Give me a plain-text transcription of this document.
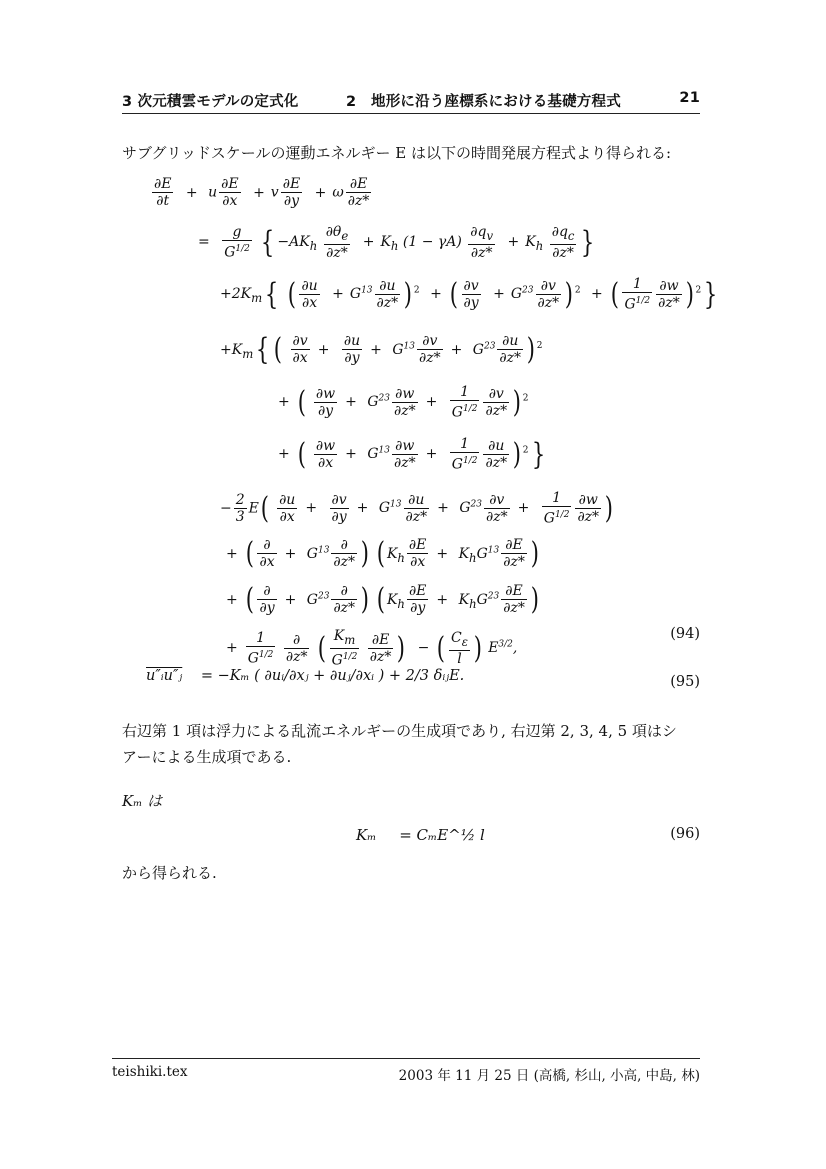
3 次元積雲モデルの定式化	2　地形に沿う座標系における基礎方程式	21
サブグリッドスケールの運動エネルギー E は以下の時間発展方程式より得られる:
$\frac{\partial E}{\partial t} + u \frac{\partial E}{\partial x} + v \frac{\partial E}{\partial y} + \omega \frac{\partial E}{\partial z*}$
= $\frac{g}{G^{1/2}}$ { $-AK_h \frac{\partial\theta_e}{\partial z*} + K_h$ $(1 - \gamma A) \frac{\partial q_v}{\partial z*} + K_h \frac{\partial q_c}{\partial z*}$ }
$+2K_m${ ( $\frac{\partial u}{\partial x} + G^{13} \frac{\partial u}{\partial z*}$ ) $^2$ + ( $\frac{\partial v}{\partial y} + G^{23} \frac{\partial v}{\partial z*}$ ) $^2$ + ( $\frac{1}{G^{1/2}} \frac{\partial w}{\partial z*}$ ) $^2$}
$+K_m${ ( $\frac{\partial v}{\partial x} + \frac{\partial u}{\partial y} + G^{13} \frac{\partial v}{\partial z*} + G^{23} \frac{\partial u}{\partial z*}$ ) $^2$
+ ( $\frac{\partial w}{\partial y} + G^{23} \frac{\partial w}{\partial z*} + \frac{1}{G^{1/2}} \frac{\partial v}{\partial z*}$ ) $^2$
+ ( $\frac{\partial w}{\partial x} + G^{13} \frac{\partial w}{\partial z*} + \frac{1}{G^{1/2}} \frac{\partial u}{\partial z*}$ ) $^2$}
− $\frac{2}{3} E( \frac{\partial u}{\partial x} + \frac{\partial v}{\partial y} + G^{13} \frac{\partial u}{\partial z*} + G^{23} \frac{\partial v}{\partial z*} + \frac{1}{G^{1/2}} \frac{\partial w}{\partial z*}$ )
+ ( $\frac{\partial}{\partial x} + G^{13} \frac{\partial}{\partial z*}$ ) ( $K_h \frac{\partial E}{\partial x} + K_hG^{13} \frac{\partial E}{\partial z*}$ )
+ ( $\frac{\partial}{\partial y} + G^{23} \frac{\partial}{\partial z*}$ ) ( $K_h \frac{\partial E}{\partial y} + K_hG^{23} \frac{\partial E}{\partial z*}$ )
+ $\frac{1}{G^{1/2}}$
$\frac{\partial}{\partial z*}$ ( $\frac{K_m}{G^{1/2}}$
$\frac{\partial E}{\partial z*}$ ) − ( $\frac{C_\varepsilon}{l}$ ) $E^{3/2}$,
(94)
u″ᵢu″ⱼ = −Kₘ ( ∂uᵢ/∂xⱼ + ∂uⱼ/∂xᵢ ) + 2/3 δᵢⱼE.	(95)
右辺第 1 項は浮力による乱流エネルギーの生成項であり, 右辺第 2, 3, 4, 5 項はシ
アーによる生成項である.
Kₘ は
Kₘ = CₘE^½ l	(96)
から得られる.
teishiki.tex	2003 年 11 月 25 日 (高橋, 杉山, 小高, 中島, 林)
